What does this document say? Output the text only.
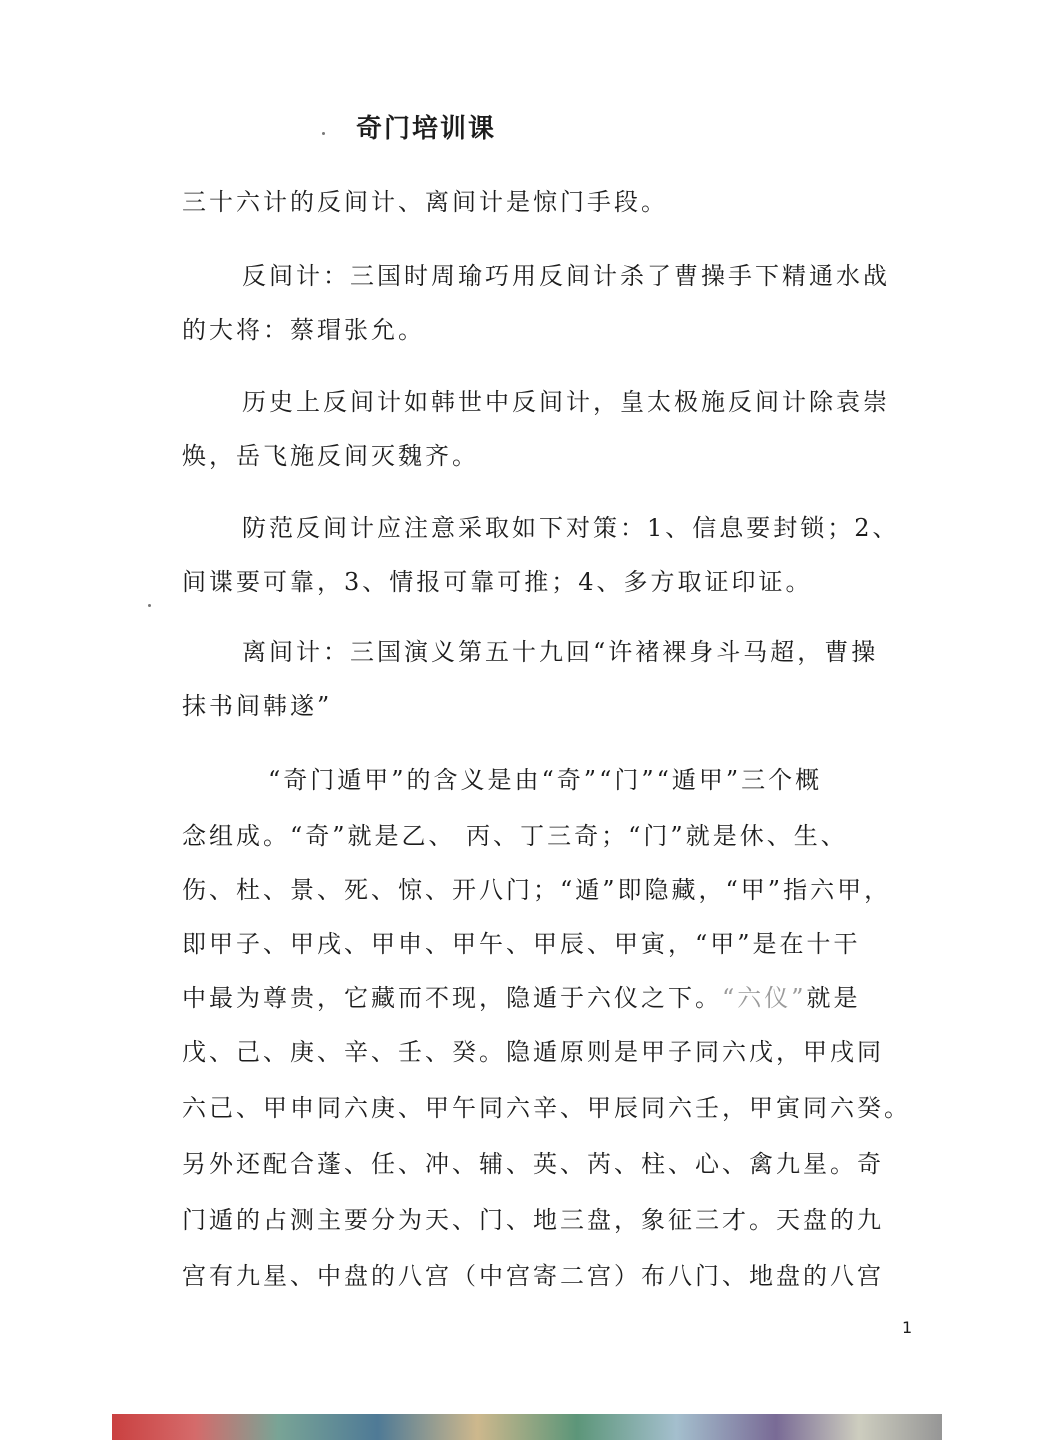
奇门培训课
三十六计的反间计、离间计是惊门手段。
反间计：三国时周瑜巧用反间计杀了曹操手下精通水战
的大将：蔡瑁张允。
历史上反间计如韩世中反间计，皇太极施反间计除袁崇
焕，岳飞施反间灭魏齐。
防范反间计应注意采取如下对策：1、信息要封锁；2、
间谍要可靠，3、情报可靠可推；4、多方取证印证。
离间计：三国演义第五十九回“许褚裸身斗马超，曹操
抹书间韩遂”
“奇门遁甲”的含义是由“奇”“门”“遁甲”三个概
念组成。“奇”就是乙、 丙、丁三奇；“门”就是休、生、
伤、杜、景、死、惊、开八门；“遁”即隐藏，“甲”指六甲，
即甲子、甲戌、甲申、甲午、甲辰、甲寅，“甲”是在十干
中最为尊贵，它藏而不现，隐遁于六仪之下。“六仪”就是
戊、己、庚、辛、壬、癸。隐遁原则是甲子同六戊，甲戌同
六己、甲申同六庚、甲午同六辛、甲辰同六壬，甲寅同六癸。
另外还配合蓬、任、冲、辅、英、芮、柱、心、禽九星。奇
门遁的占测主要分为天、门、地三盘，象征三才。天盘的九
宫有九星、中盘的八宫（中宫寄二宫）布八门、地盘的八宫
1
